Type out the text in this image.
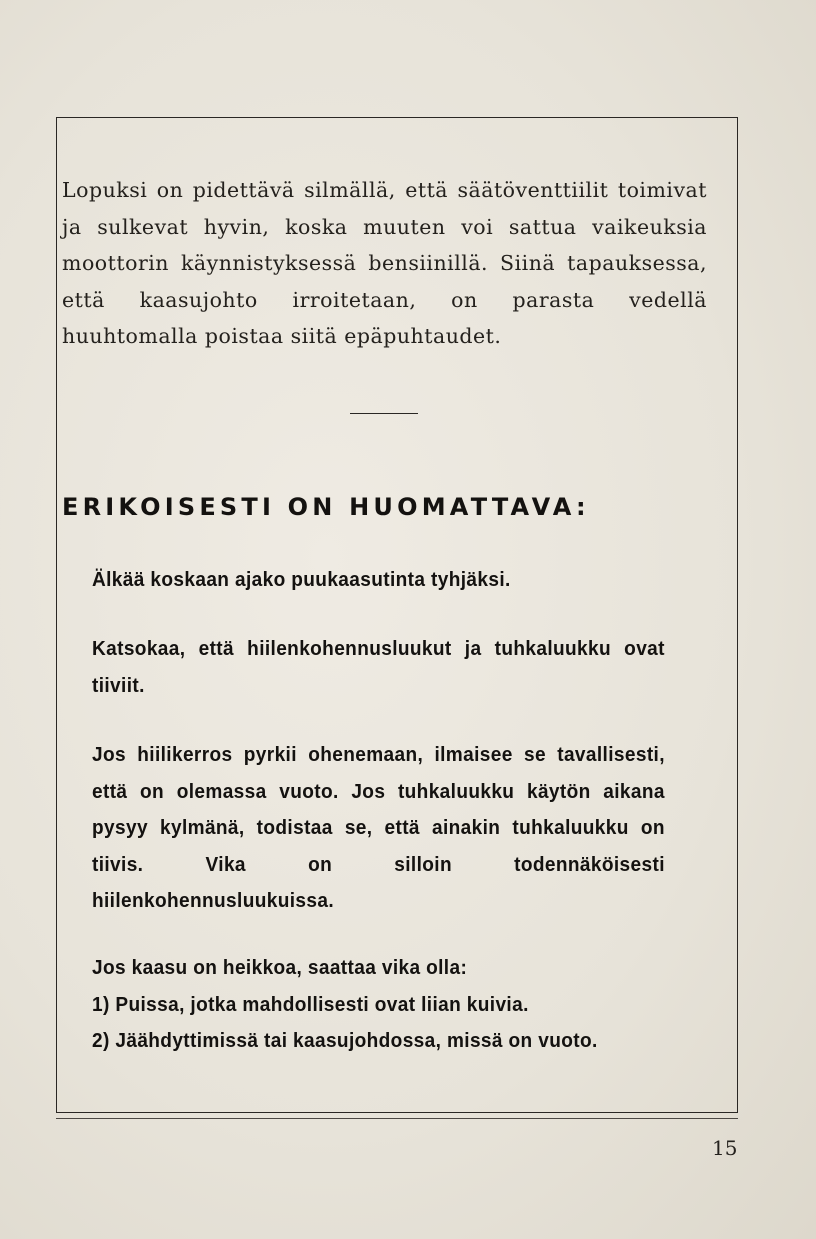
Lopuksi on pidettävä silmällä, että säätöventtiilit toimivat ja sulkevat hyvin, koska muuten voi sattua vaikeuksia moottorin käynnistyksessä bensiinillä. Siinä tapauksessa, että kaasujohto irroitetaan, on parasta vedellä huuhtomalla poistaa siitä epäpuhtaudet.

ERIKOISESTI ON HUOMATTAVA:

Älkää koskaan ajako puukaasutinta tyhjäksi.

Katsokaa, että hiilenkohennusluukut ja tuhkaluukku ovat tiiviit.

Jos hiilikerros pyrkii ohenemaan, ilmaisee se tavallisesti, että on olemassa vuoto. Jos tuhkaluukku käytön aikana pysyy kylmänä, todistaa se, että ainakin tuhkaluukku on tiivis. Vika on silloin todennäköisesti hiilenkohennusluukuissa.

Jos kaasu on heikkoa, saattaa vika olla:
1) Puissa, jotka mahdollisesti ovat liian kuivia.
2) Jäähdyttimissä tai kaasujohdossa, missä on vuoto.
15
